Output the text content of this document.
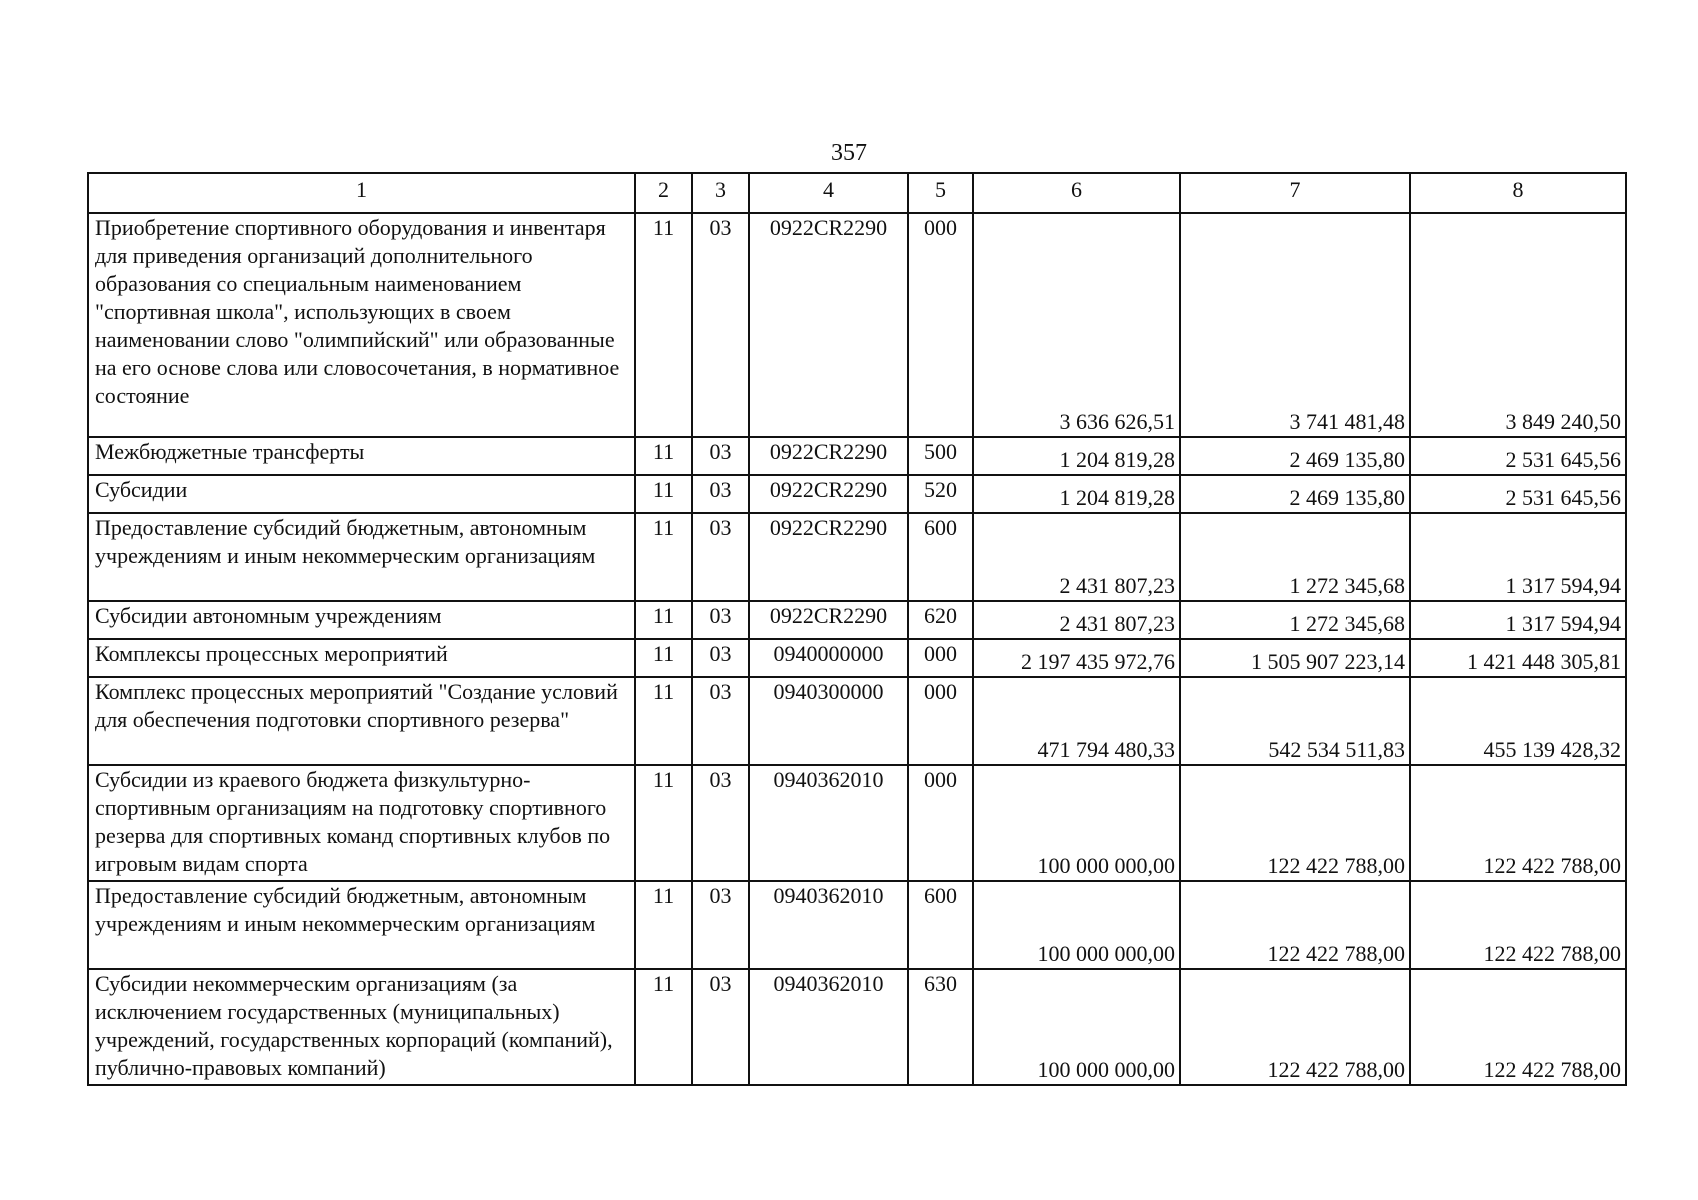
357
1	2	3	4	5	6	7	8
Приобретение спортивного оборудования и инвентаря для приведения организаций дополнительного образования со специальным наименованием "спортивная школа", использующих в своем наименовании слово "олимпийский" или образованные на его основе слова или словосочетания, в нормативное состояние	11	03	0922CR2290	000	3 636 626,51	3 741 481,48	3 849 240,50
Межбюджетные трансферты	11	03	0922CR2290	500	1 204 819,28	2 469 135,80	2 531 645,56
Субсидии	11	03	0922CR2290	520	1 204 819,28	2 469 135,80	2 531 645,56
Предоставление субсидий бюджетным, автономным учреждениям и иным некоммерческим организациям	11	03	0922CR2290	600	2 431 807,23	1 272 345,68	1 317 594,94
Субсидии автономным учреждениям	11	03	0922CR2290	620	2 431 807,23	1 272 345,68	1 317 594,94
Комплексы процессных мероприятий	11	03	0940000000	000	2 197 435 972,76	1 505 907 223,14	1 421 448 305,81
Комплекс процессных мероприятий "Создание условий для обеспечения подготовки спортивного резерва"	11	03	0940300000	000	471 794 480,33	542 534 511,83	455 139 428,32
Субсидии из краевого бюджета физкультурно-спортивным организациям на подготовку спортивного резерва для спортивных команд спортивных клубов по игровым видам спорта	11	03	0940362010	000	100 000 000,00	122 422 788,00	122 422 788,00
Предоставление субсидий бюджетным, автономным учреждениям и иным некоммерческим организациям	11	03	0940362010	600	100 000 000,00	122 422 788,00	122 422 788,00
Субсидии некоммерческим организациям (за исключением государственных (муниципальных) учреждений, государственных корпораций (компаний), публично-правовых компаний)	11	03	0940362010	630	100 000 000,00	122 422 788,00	122 422 788,00
